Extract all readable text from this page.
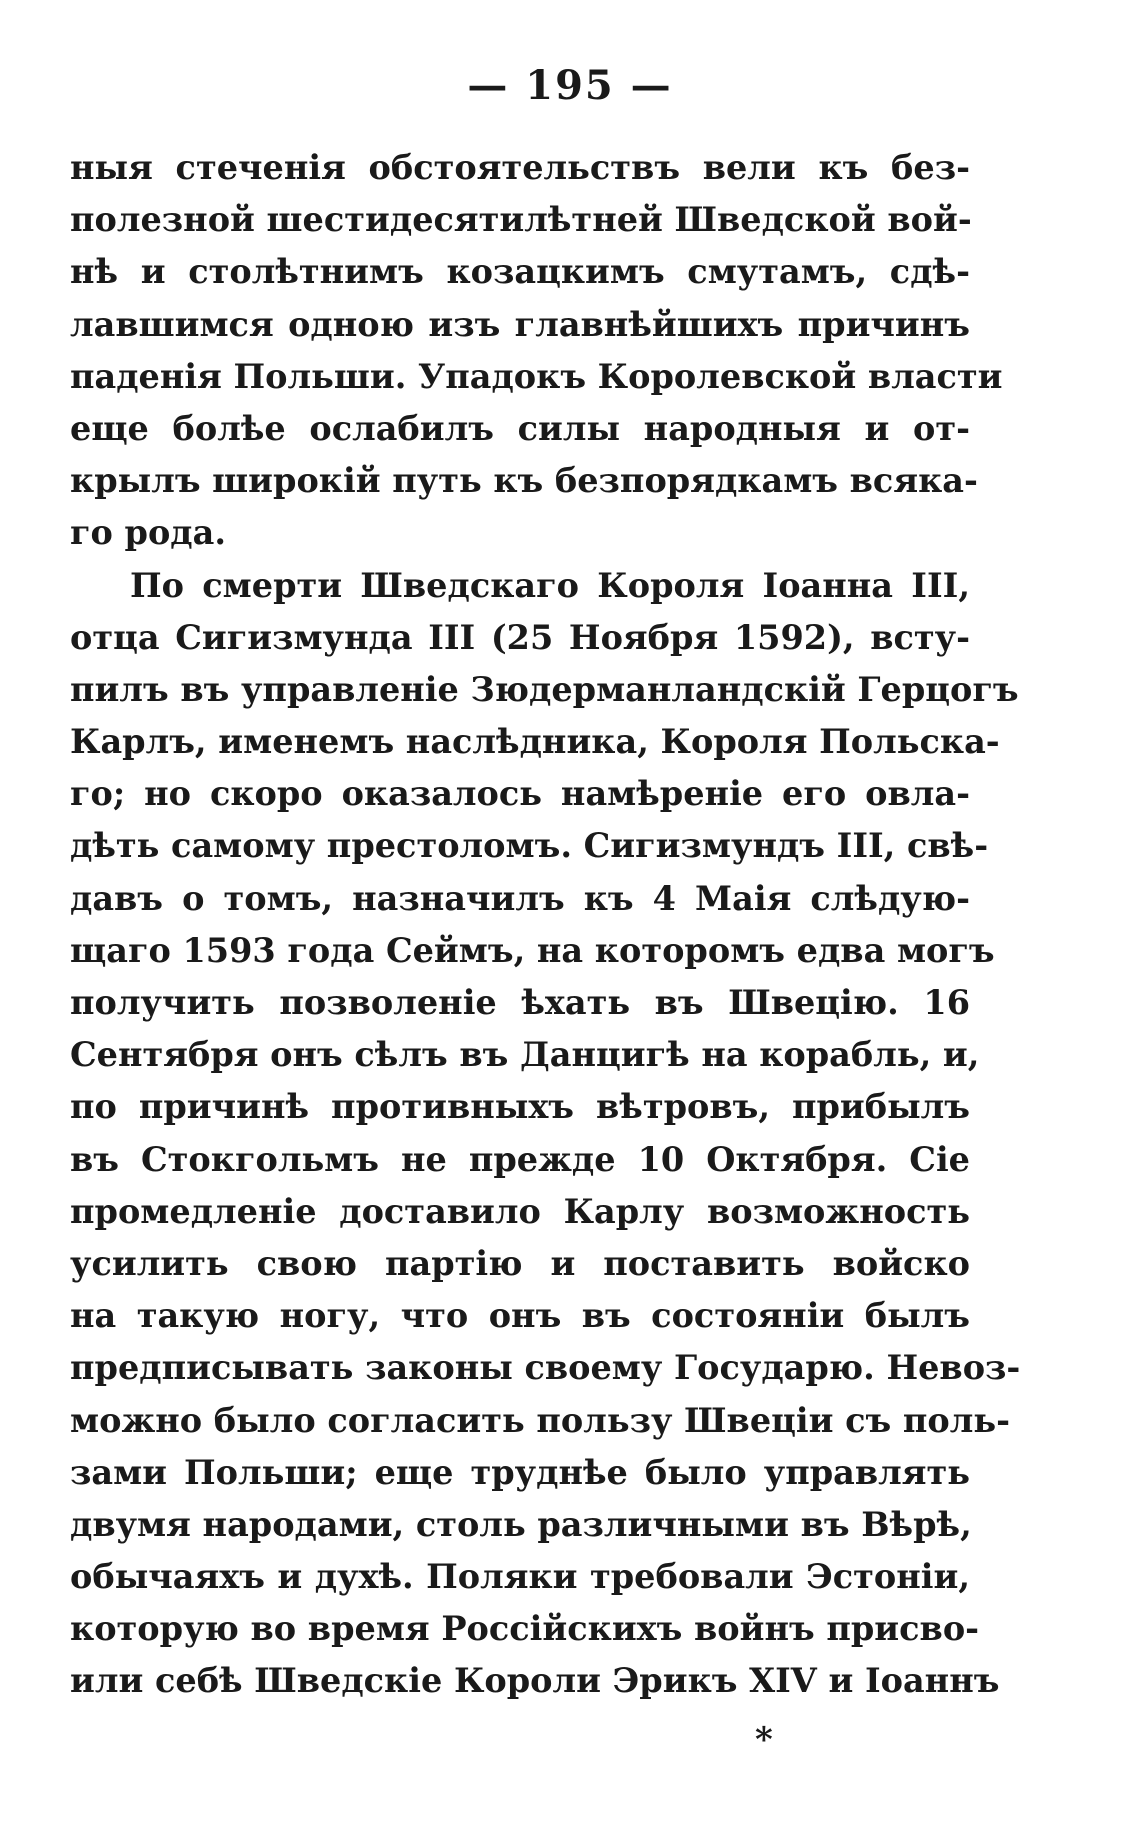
— 195 —
ныя стеченія обстоятельствъ вели къ без-
полезной шестидесятилѣтней Шведской вой-
нѣ и столѣтнимъ козацкимъ смутамъ, сдѣ-
лавшимся одною изъ главнѣйшихъ причинъ
паденія Польши. Упадокъ Королевской власти
еще болѣе ослабилъ силы народныя и от-
крылъ широкій путь къ безпорядкамъ всяка-
го рода.
По смерти Шведскаго Короля Іоанна III,
отца Сигизмунда III (25 Ноября 1592), всту-
пилъ въ управленіе Зюдерманландскій Герцогъ
Карлъ, именемъ наслѣдника, Короля Польска-
го; но скоро оказалось намѣреніе его овла-
дѣть самому престоломъ. Сигизмундъ III, свѣ-
давъ о томъ, назначилъ къ 4 Маія слѣдую-
щаго 1593 года Сеймъ, на которомъ едва могъ
получить позволеніе ѣхать въ Швецію. 16
Сентября онъ сѣлъ въ Данцигѣ на корабль, и,
по причинѣ противныхъ вѣтровъ, прибылъ
въ Стокгольмъ не прежде 10 Октября. Сіе
промедленіе доставило Карлу возможность
усилить свою партію и поставить войско
на такую ногу, что онъ въ состояніи былъ
предписывать законы своему Государю. Невоз-
можно было согласить пользу Швеціи съ поль-
зами Польши; еще труднѣе было управлять
двумя народами, столь различными въ Вѣрѣ,
обычаяхъ и духѣ. Поляки требовали Эстоніи,
которую во время Россійскихъ войнъ присво-
или себѣ Шведскіе Короли Эрикъ XIV и Іоаннъ
*
